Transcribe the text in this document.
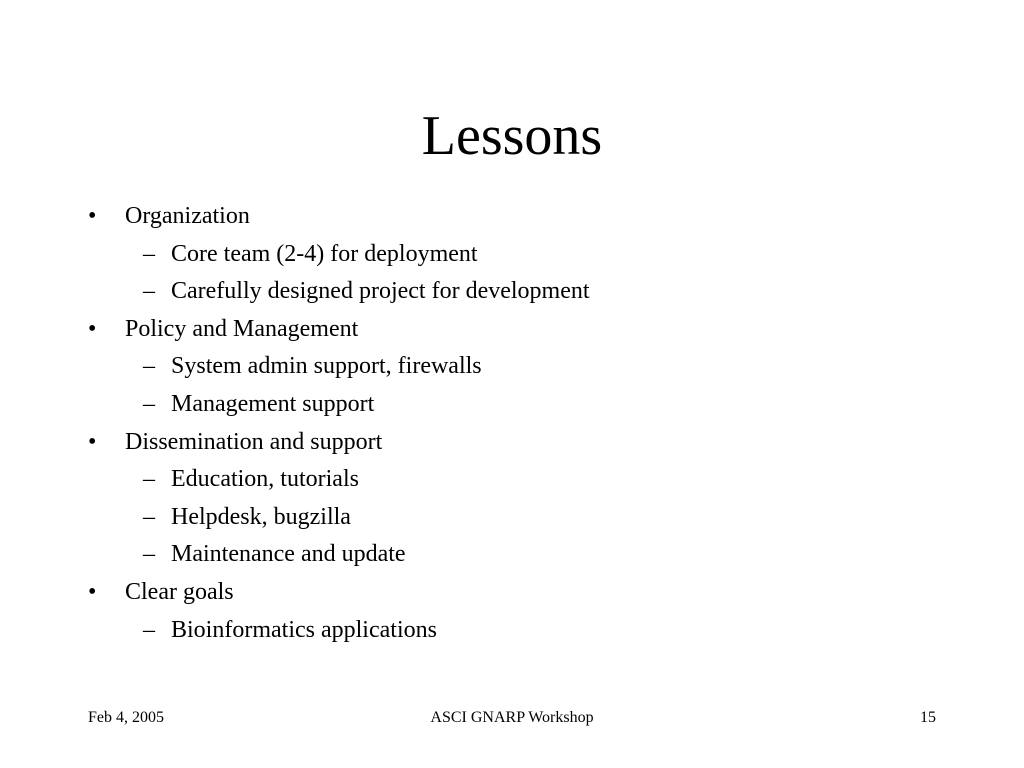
Lessons
• Organization
– Core team (2-4) for deployment
– Carefully designed project for development
• Policy and Management
– System admin support, firewalls
– Management support
• Dissemination and support
– Education, tutorials
– Helpdesk, bugzilla
– Maintenance and update
• Clear goals
– Bioinformatics applications
Feb 4, 2005	ASCI GNARP Workshop	15
